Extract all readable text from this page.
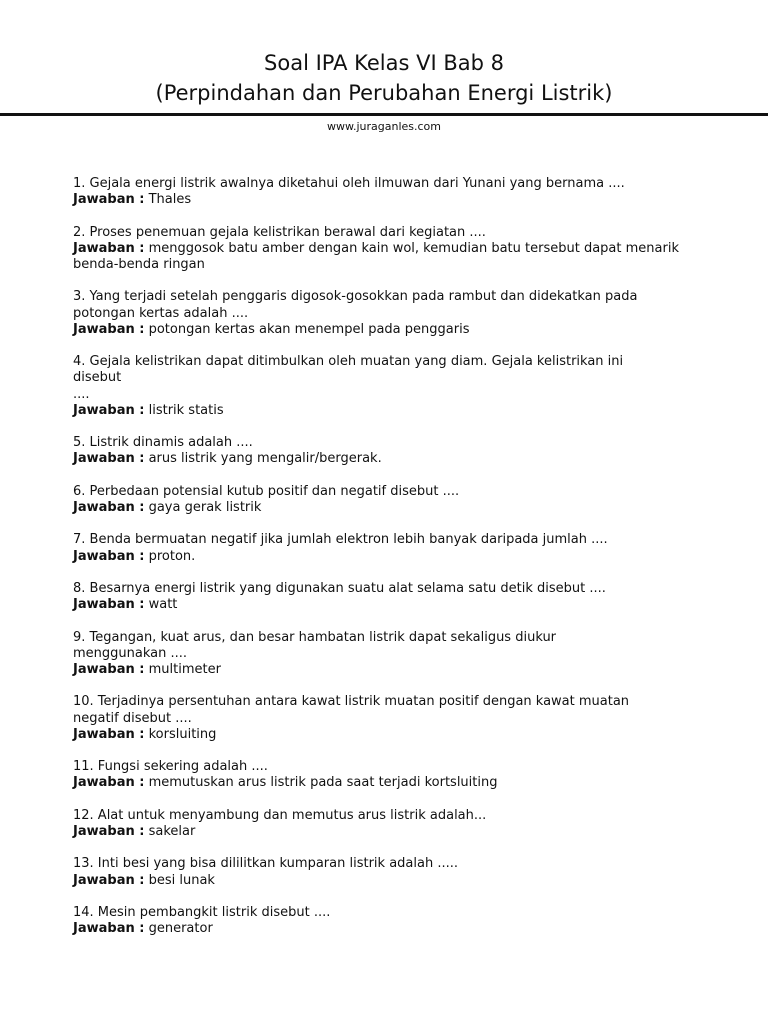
Soal IPA Kelas VI Bab 8
(Perpindahan dan Perubahan Energi Listrik)
www.juraganles.com
1. Gejala energi listrik awalnya diketahui oleh ilmuwan dari Yunani yang bernama ....
Jawaban : Thales
2. Proses penemuan gejala kelistrikan berawal dari kegiatan ....
Jawaban : menggosok batu amber dengan kain wol, kemudian batu tersebut dapat menarik benda-benda ringan
3. Yang terjadi setelah penggaris digosok-gosokkan pada rambut dan didekatkan pada
potongan kertas adalah ....
Jawaban : potongan kertas akan menempel pada penggaris
4. Gejala kelistrikan dapat ditimbulkan oleh muatan yang diam. Gejala kelistrikan ini
disebut
....
Jawaban : listrik statis
5. Listrik dinamis adalah ....
Jawaban : arus listrik yang mengalir/bergerak.
6. Perbedaan potensial kutub positif dan negatif disebut ....
Jawaban : gaya gerak listrik
7. Benda bermuatan negatif jika jumlah elektron lebih banyak daripada jumlah ....
Jawaban : proton.
8. Besarnya energi listrik yang digunakan suatu alat selama satu detik disebut ....
Jawaban : watt
9. Tegangan, kuat arus, dan besar hambatan listrik dapat sekaligus diukur
menggunakan ....
Jawaban : multimeter
10. Terjadinya persentuhan antara kawat listrik muatan positif dengan kawat muatan
negatif disebut ....
Jawaban : korsluiting
11. Fungsi sekering adalah ....
Jawaban : memutuskan arus listrik pada saat terjadi kortsluiting
12. Alat untuk menyambung dan memutus arus listrik adalah...
Jawaban : sakelar
13. Inti besi yang bisa dililitkan kumparan listrik adalah .....
Jawaban : besi lunak
14. Mesin pembangkit listrik disebut ....
Jawaban : generator
